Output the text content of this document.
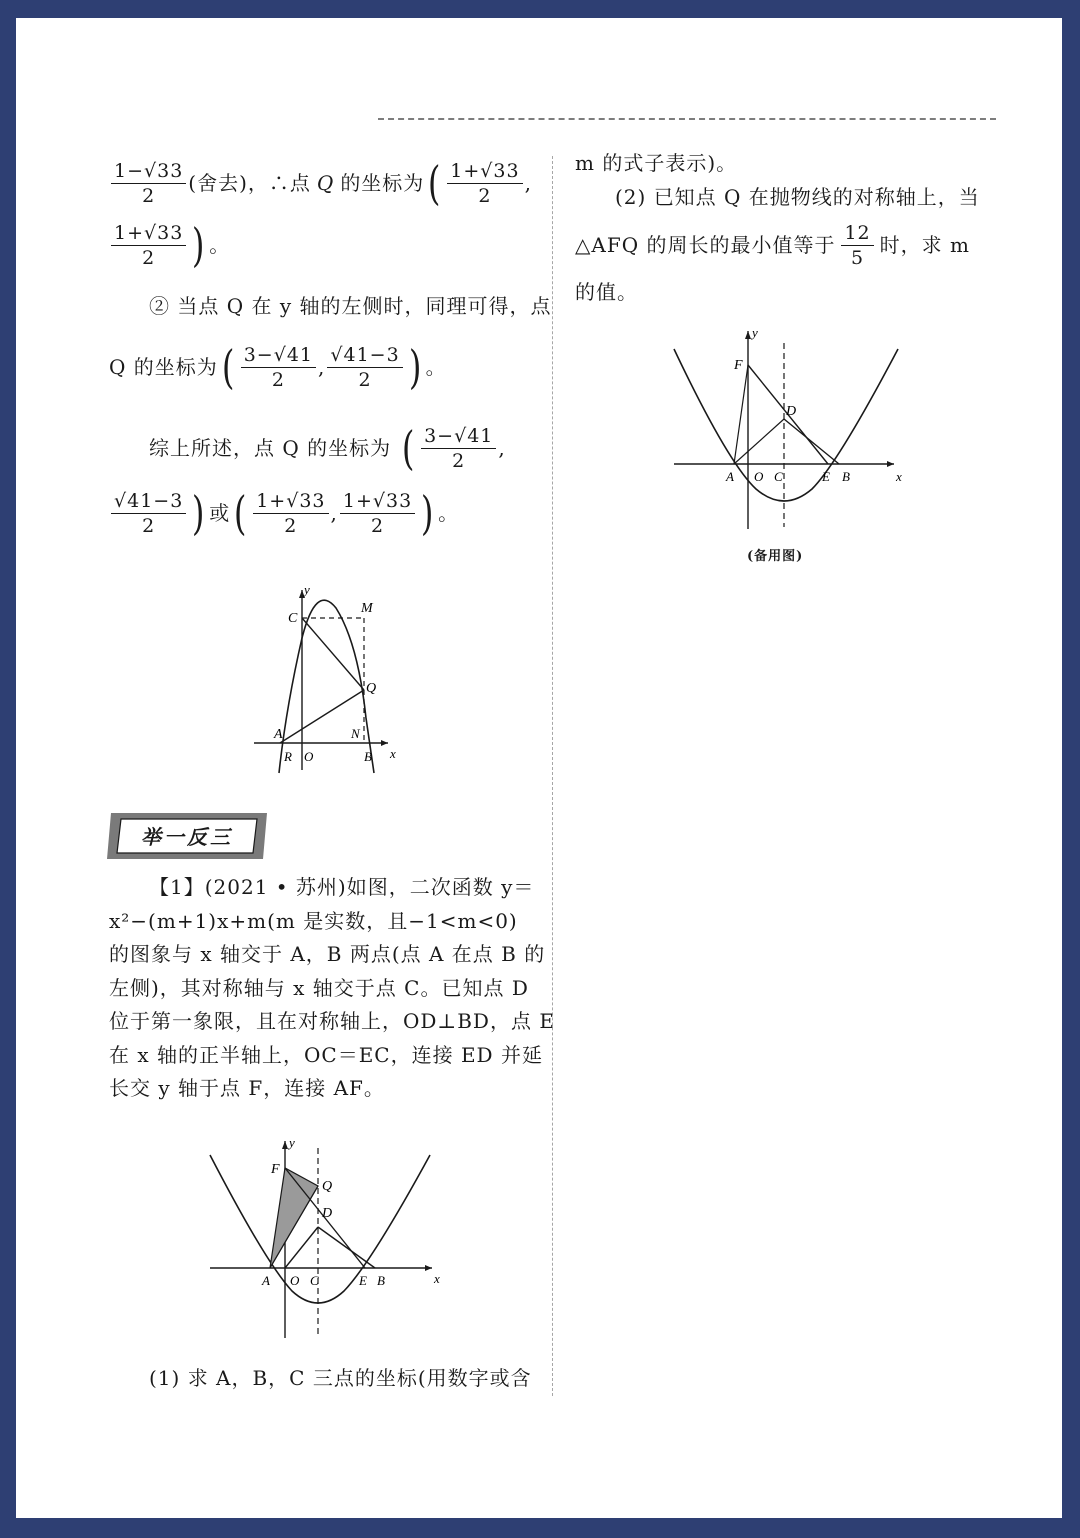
$\frac{1-√33}{2}$ (舍去)，∴点 Q 的坐标为 ( $\frac{1+√33}{2}$ ,
$\frac{1+√33}{2}$ ) 。
② 当点 Q 在 y 轴的左侧时，同理可得，点
Q 的坐标为 ( $\frac{3-√41}{2}$ , $\frac{√41-3}{2}$ ) 。
综上所述，点 Q 的坐标为 ( $\frac{3-√41}{2}$ ,
$\frac{√41-3}{2}$ ) 或 ( $\frac{1+√33}{2}$ , $\frac{1+√33}{2}$ ) 。
y
C
M
Q
A	N
R O	B x
举一反三
【1】(2021 • 苏州)如图，二次函数 y＝
x²−(m+1)x+m(m 是实数，且−1<m<0)
的图象与 x 轴交于 A，B 两点(点 A 在点 B 的
左侧)，其对称轴与 x 轴交于点 C。已知点 D
位于第一象限，且在对称轴上，OD⊥BD，点 E
在 x 轴的正半轴上，OC＝EC，连接 ED 并延
长交 y 轴于点 F，连接 AF。
y
F
Q
D
A O C	E B	x
(1) 求 A，B，C 三点的坐标(用数字或含
m 的式子表示)。
(2) 已知点 Q 在抛物线的对称轴上，当
△AFQ 的周长的最小值等于 $\frac{12}{5}$ 时，求 m
的值。
y
F
D
A O C	E B	x
(备用图)
